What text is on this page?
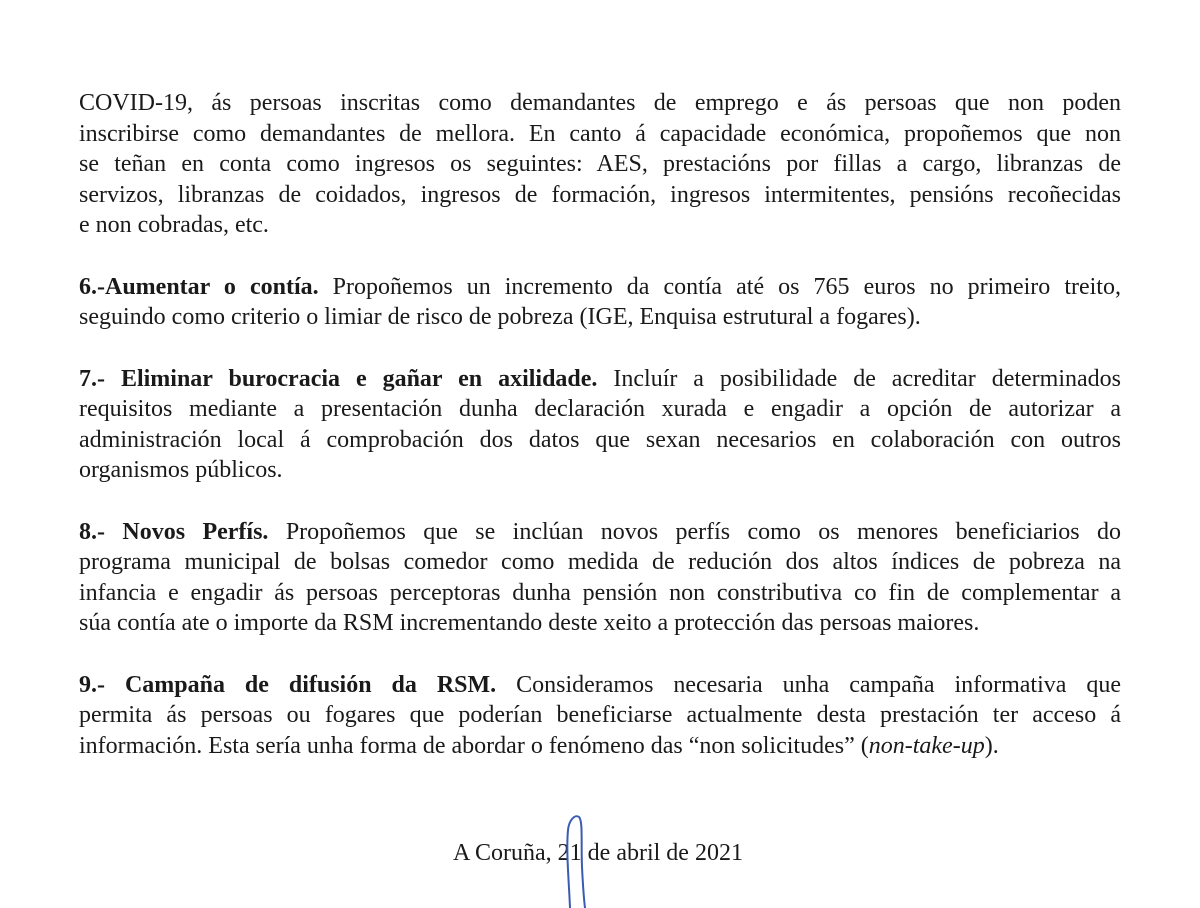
COVID-19, ás persoas inscritas como demandantes de emprego e ás persoas que non poden
inscribirse como demandantes de mellora. En canto á capacidade económica, propoñemos que non
se teñan en conta como ingresos os seguintes: AES, prestacións por fillas a cargo, libranzas de
servizos, libranzas de coidados, ingresos de formación, ingresos intermitentes, pensións recoñecidas
e non cobradas, etc.

6.-Aumentar o contía. Propoñemos un incremento da contía até os 765 euros no primeiro treito,
seguindo como criterio o limiar de risco de pobreza (IGE, Enquisa estrutural a fogares).

7.- Eliminar burocracia e gañar en axilidade. Incluír a posibilidade de acreditar determinados
requisitos mediante a presentación dunha declaración xurada e engadir a opción de autorizar a
administración local á comprobación dos datos que sexan necesarios en colaboración con outros
organismos públicos.

8.- Novos Perfís. Propoñemos que se inclúan novos perfís como os menores beneficiarios do
programa municipal de bolsas comedor como medida de redución dos altos índices de pobreza na
infancia e engadir ás persoas perceptoras dunha pensión non constributiva co fin de complementar a
súa contía ate o importe da RSM incrementando deste xeito a protección das persoas maiores.

9.- Campaña de difusión da RSM. Consideramos necesaria unha campaña informativa que
permita ás persoas ou fogares que poderían beneficiarse actualmente desta prestación ter acceso á
información. Esta sería unha forma de abordar o fenómeno das “non solicitudes” (non-take-up).

A Coruña, 21 de abril de 2021
